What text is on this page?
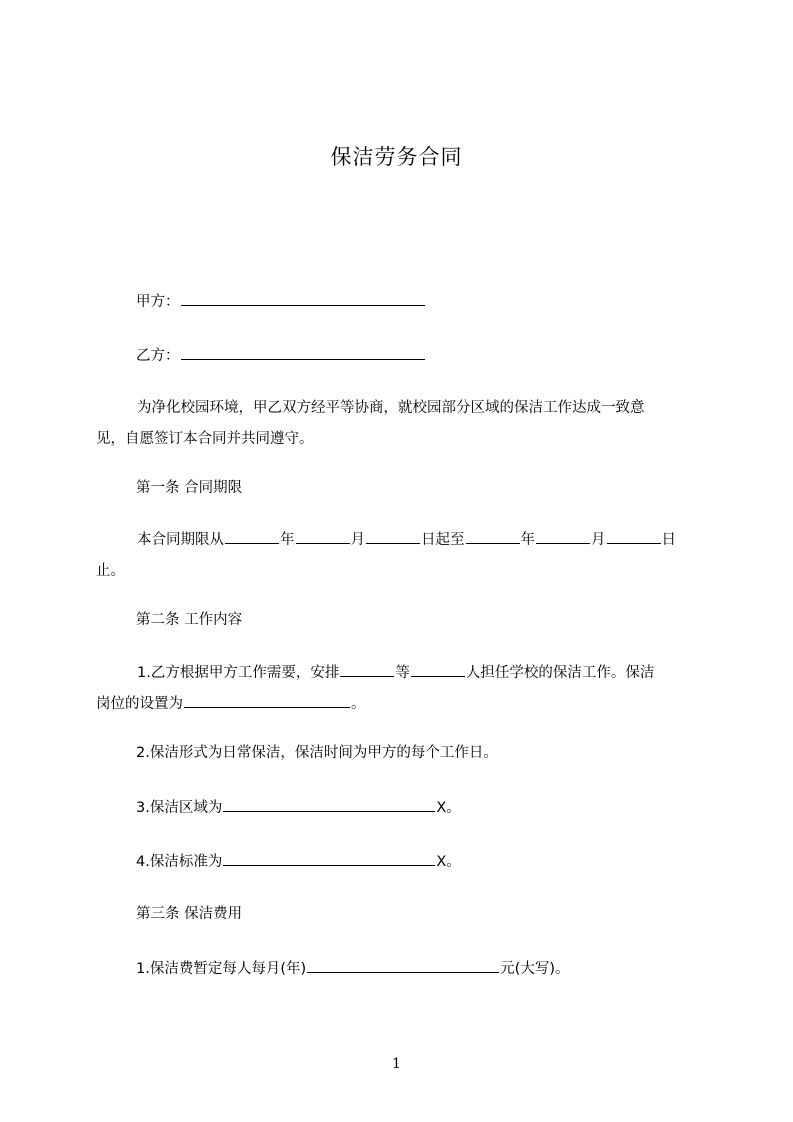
保洁劳务合同
甲方：
乙方：
为净化校园环境，甲乙双方经平等协商，就校园部分区域的保洁工作达成一致意
见，自愿签订本合同并共同遵守。
第一条 合同期限
本合同期限从	年	月	日起至	年	月	日
止。
第二条 工作内容
1.乙方根据甲方工作需要，安排	等	人担任学校的保洁工作。保洁
岗位的设置为	。
2.保洁形式为日常保洁，保洁时间为甲方的每个工作日。
3.保洁区域为	X。
4.保洁标准为	X。
第三条 保洁费用
1.保洁费暂定每人每月(年)	元(大写)。
1
